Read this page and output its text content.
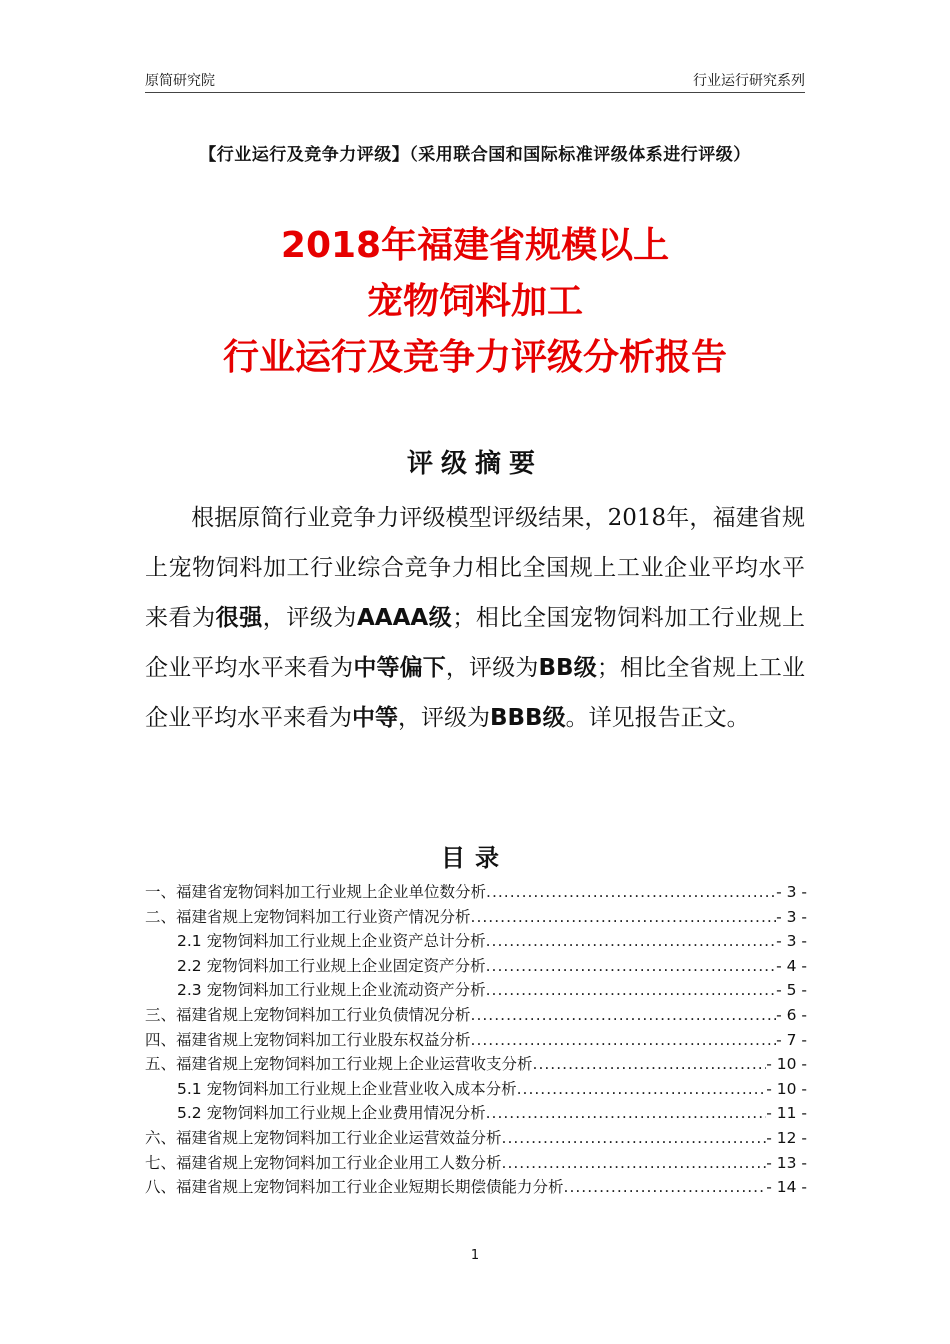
原简研究院	行业运行研究系列
【行业运行及竞争力评级】（采用联合国和国际标准评级体系进行评级）
2018年福建省规模以上
宠物饲料加工
行业运行及竞争力评级分析报告
评级摘要
根据原简行业竞争力评级模型评级结果，2018年，福建省规上宠物饲料加工行业综合竞争力相比全国规上工业企业平均水平来看为很强，评级为AAAA级；相比全国宠物饲料加工行业规上企业平均水平来看为中等偏下，评级为BB级；相比全省规上工业企业平均水平来看为中等，评级为BBB级。详见报告正文。
目录
一、福建省宠物饲料加工行业规上企业单位数分析 .....	- 3 -
二、福建省规上宠物饲料加工行业资产情况分析 .....	- 3 -
2.1 宠物饲料加工行业规上企业资产总计分析 .....	- 3 -
2.2 宠物饲料加工行业规上企业固定资产分析 .....	- 4 -
2.3 宠物饲料加工行业规上企业流动资产分析 .....	- 5 -
三、福建省规上宠物饲料加工行业负债情况分析 .....	- 6 -
四、福建省规上宠物饲料加工行业股东权益分析 .....	- 7 -
五、福建省规上宠物饲料加工行业规上企业运营收支分析 .....	- 10 -
5.1 宠物饲料加工行业规上企业营业收入成本分析 .....	- 10 -
5.2 宠物饲料加工行业规上企业费用情况分析 .....	- 11 -
六、福建省规上宠物饲料加工行业企业运营效益分析 .....	- 12 -
七、福建省规上宠物饲料加工行业企业用工人数分析 .....	- 13 -
八、福建省规上宠物饲料加工行业企业短期长期偿债能力分析 .....	- 14 -
1
